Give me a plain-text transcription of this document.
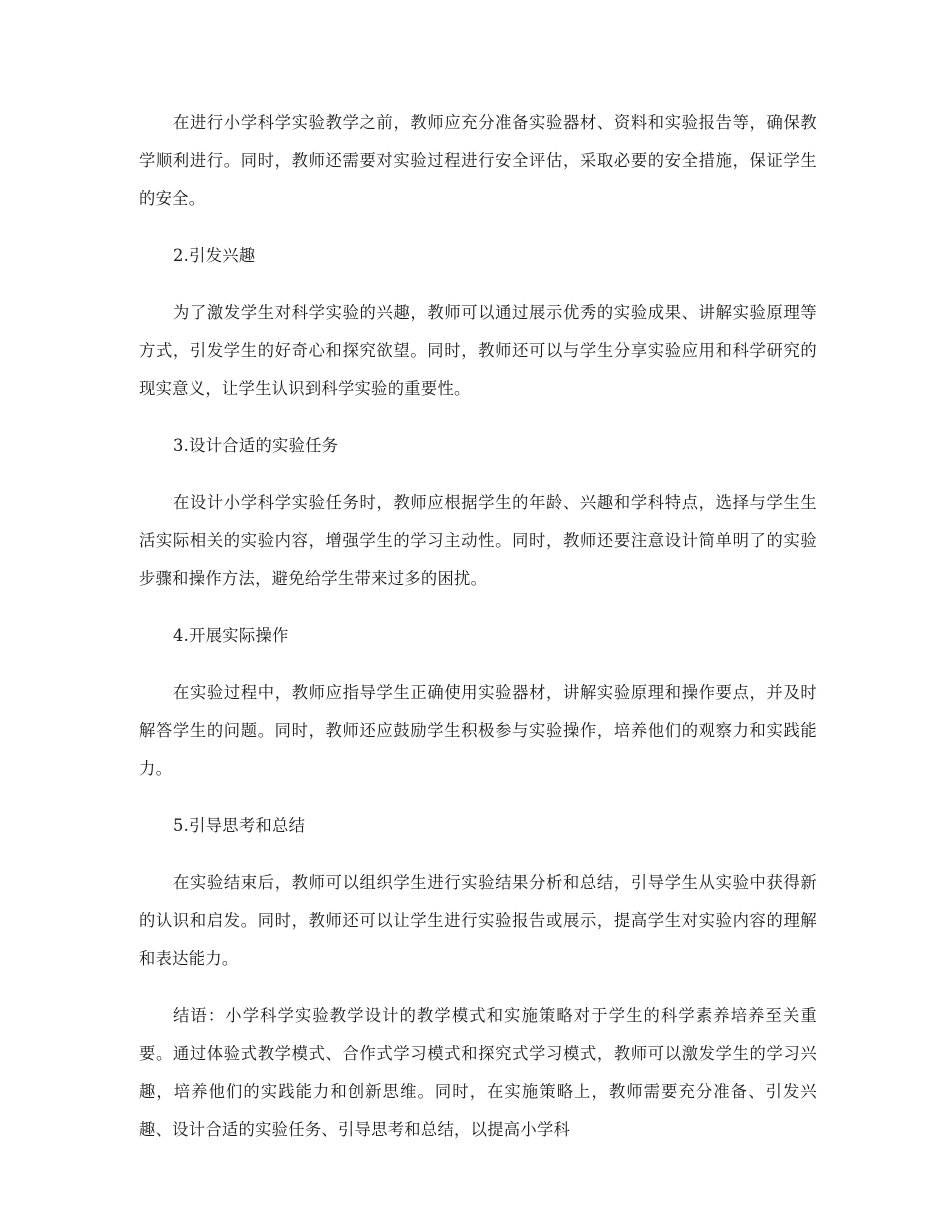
在进行小学科学实验教学之前，教师应充分准备实验器材、资料和实验报告等，确保教学顺利进行。同时，教师还需要对实验过程进行安全评估，采取必要的安全措施，保证学生的安全。

2.引发兴趣

为了激发学生对科学实验的兴趣，教师可以通过展示优秀的实验成果、讲解实验原理等方式，引发学生的好奇心和探究欲望。同时，教师还可以与学生分享实验应用和科学研究的现实意义，让学生认识到科学实验的重要性。

3.设计合适的实验任务

在设计小学科学实验任务时，教师应根据学生的年龄、兴趣和学科特点，选择与学生生活实际相关的实验内容，增强学生的学习主动性。同时，教师还要注意设计简单明了的实验步骤和操作方法，避免给学生带来过多的困扰。

4.开展实际操作

在实验过程中，教师应指导学生正确使用实验器材，讲解实验原理和操作要点，并及时解答学生的问题。同时，教师还应鼓励学生积极参与实验操作，培养他们的观察力和实践能力。

5.引导思考和总结

在实验结束后，教师可以组织学生进行实验结果分析和总结，引导学生从实验中获得新的认识和启发。同时，教师还可以让学生进行实验报告或展示，提高学生对实验内容的理解和表达能力。

结语：小学科学实验教学设计的教学模式和实施策略对于学生的科学素养培养至关重要。通过体验式教学模式、合作式学习模式和探究式学习模式，教师可以激发学生的学习兴趣，培养他们的实践能力和创新思维。同时，在实施策略上，教师需要充分准备、引发兴趣、设计合适的实验任务、引导思考和总结，以提高小学科
